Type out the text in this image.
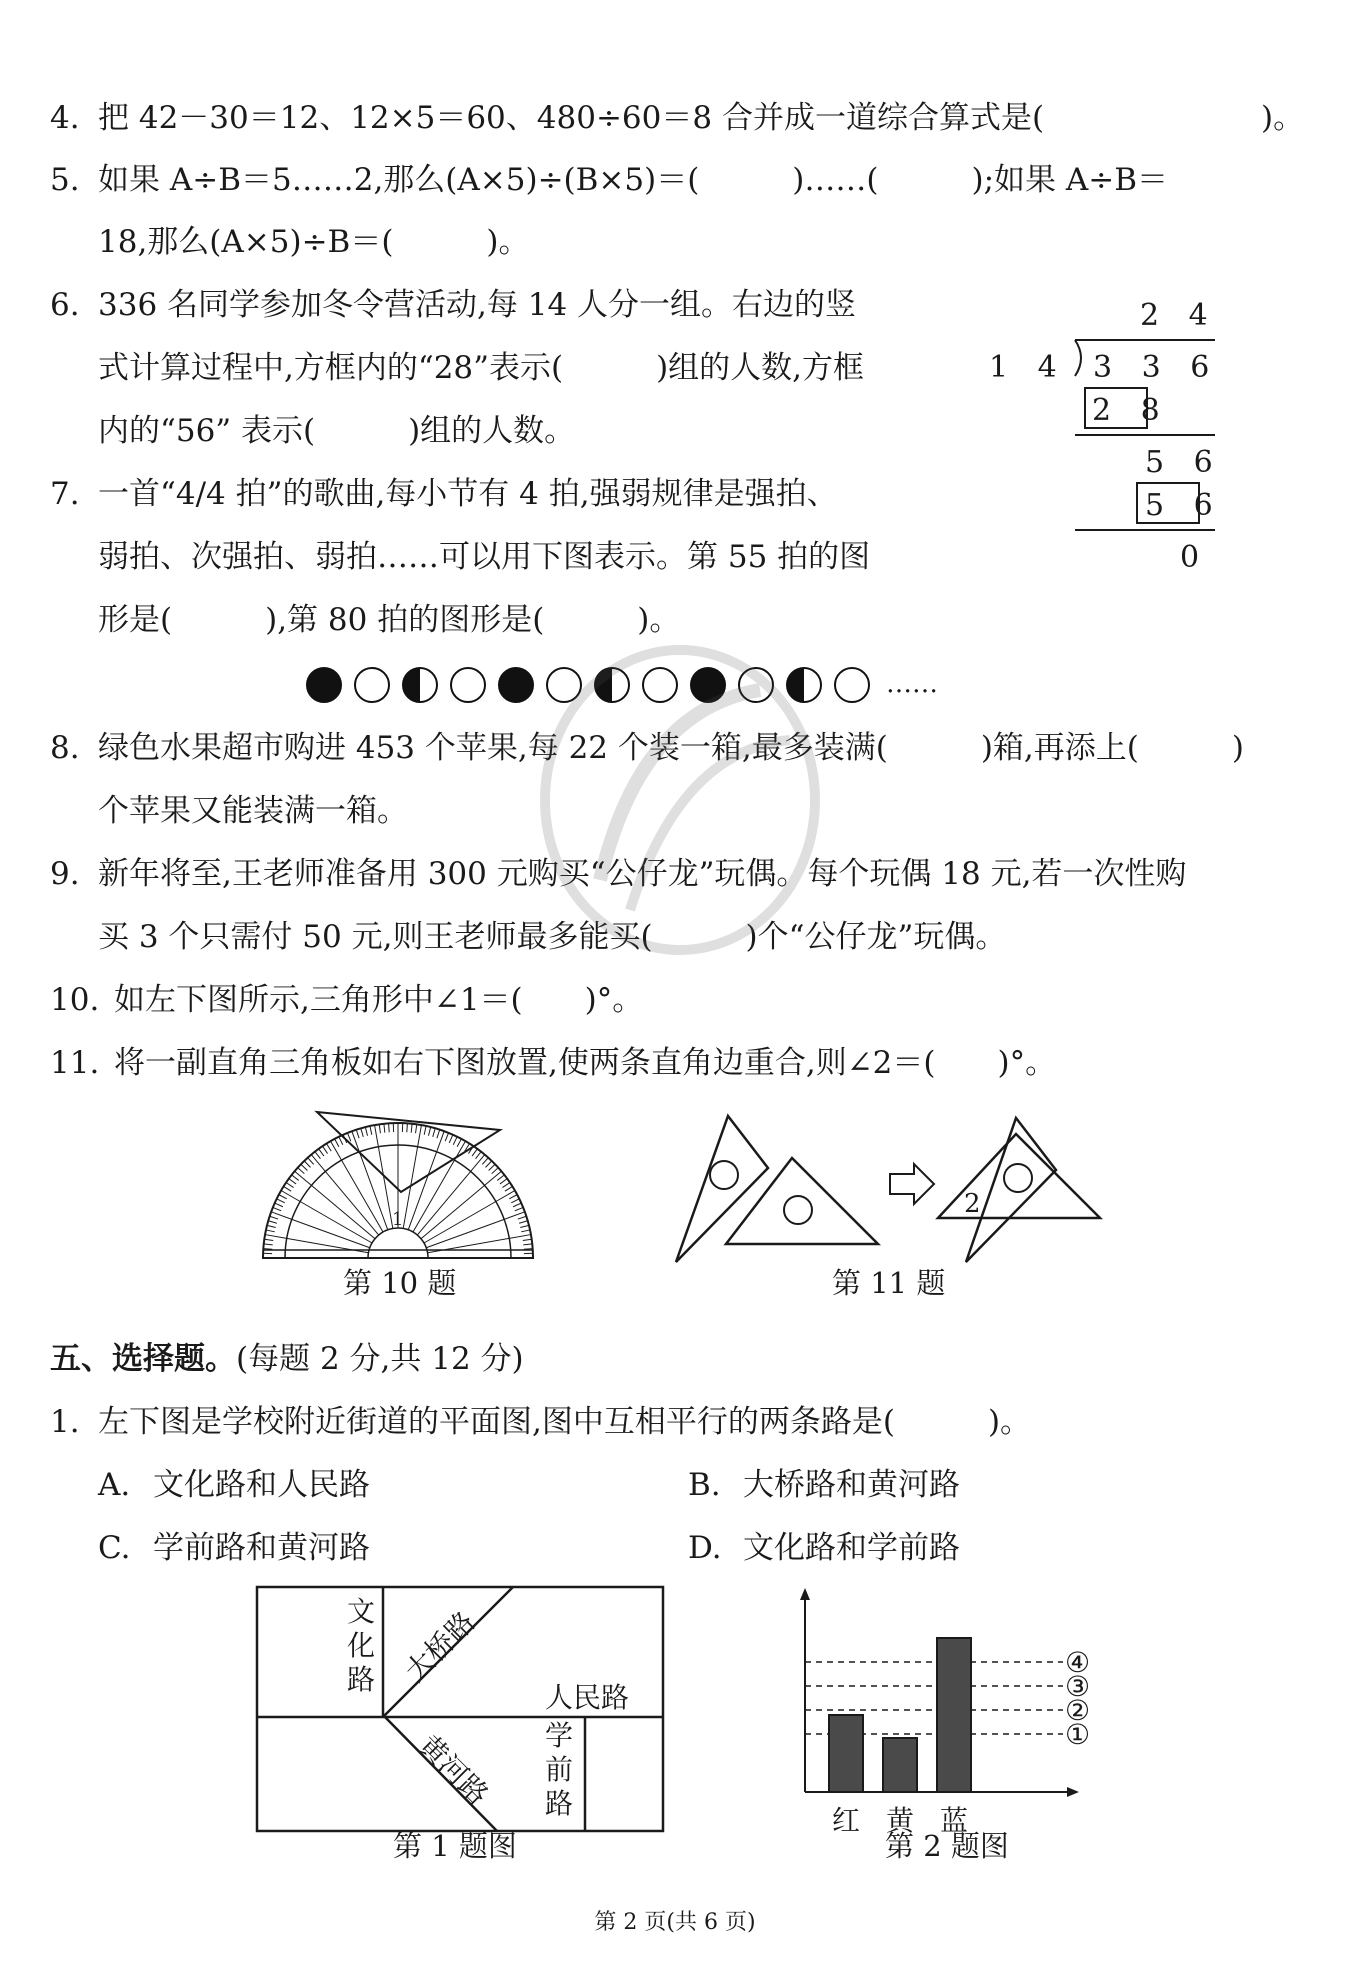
4. 把 42－30＝12、12×5＝60、480÷60＝8 合并成一道综合算式是(　　　　　　　)。
5. 如果 A÷B＝5……2,那么(A×5)÷(B×5)＝(　　　)……(　　　);如果 A÷B＝
18,那么(A×5)÷B＝(　　　)。
6. 336 名同学参加冬令营活动,每 14 人分一组。右边的竖
式计算过程中,方框内的“28”表示(　　　)组的人数,方框
内的“56” 表示(　　　)组的人数。
2 4
1 4 3 3 6
2 8
5 6
5 6
0
7. 一首“4/4 拍”的歌曲,每小节有 4 拍,强弱规律是强拍、
弱拍、次强拍、弱拍……可以用下图表示。第 55 拍的图
形是(　　　),第 80 拍的图形是(　　　)。
……
8. 绿色水果超市购进 453 个苹果,每 22 个装一箱,最多装满(　　　)箱,再添上(　　　)
个苹果又能装满一箱。
9. 新年将至,王老师准备用 300 元购买“公仔龙”玩偶。每个玩偶 18 元,若一次性购
买 3 个只需付 50 元,则王老师最多能买(　　　)个“公仔龙”玩偶。
10. 如左下图所示,三角形中∠1＝(　　)°。
11. 将一副直角三角板如右下图放置,使两条直角边重合,则∠2＝(　　)°。
1
第 10 题
2
第 11 题
五、选择题。(每题 2 分,共 12 分)
1. 左下图是学校附近街道的平面图,图中互相平行的两条路是(　　　)。
A. 文化路和人民路	B. 大桥路和黄河路
C. 学前路和黄河路	D. 文化路和学前路
文
化
路
学
前
路
大桥路
人民路
黄河路
第 1 题图
①
②
③
④
红 黄 蓝
第 2 题图
第 2 页(共 6 页)
